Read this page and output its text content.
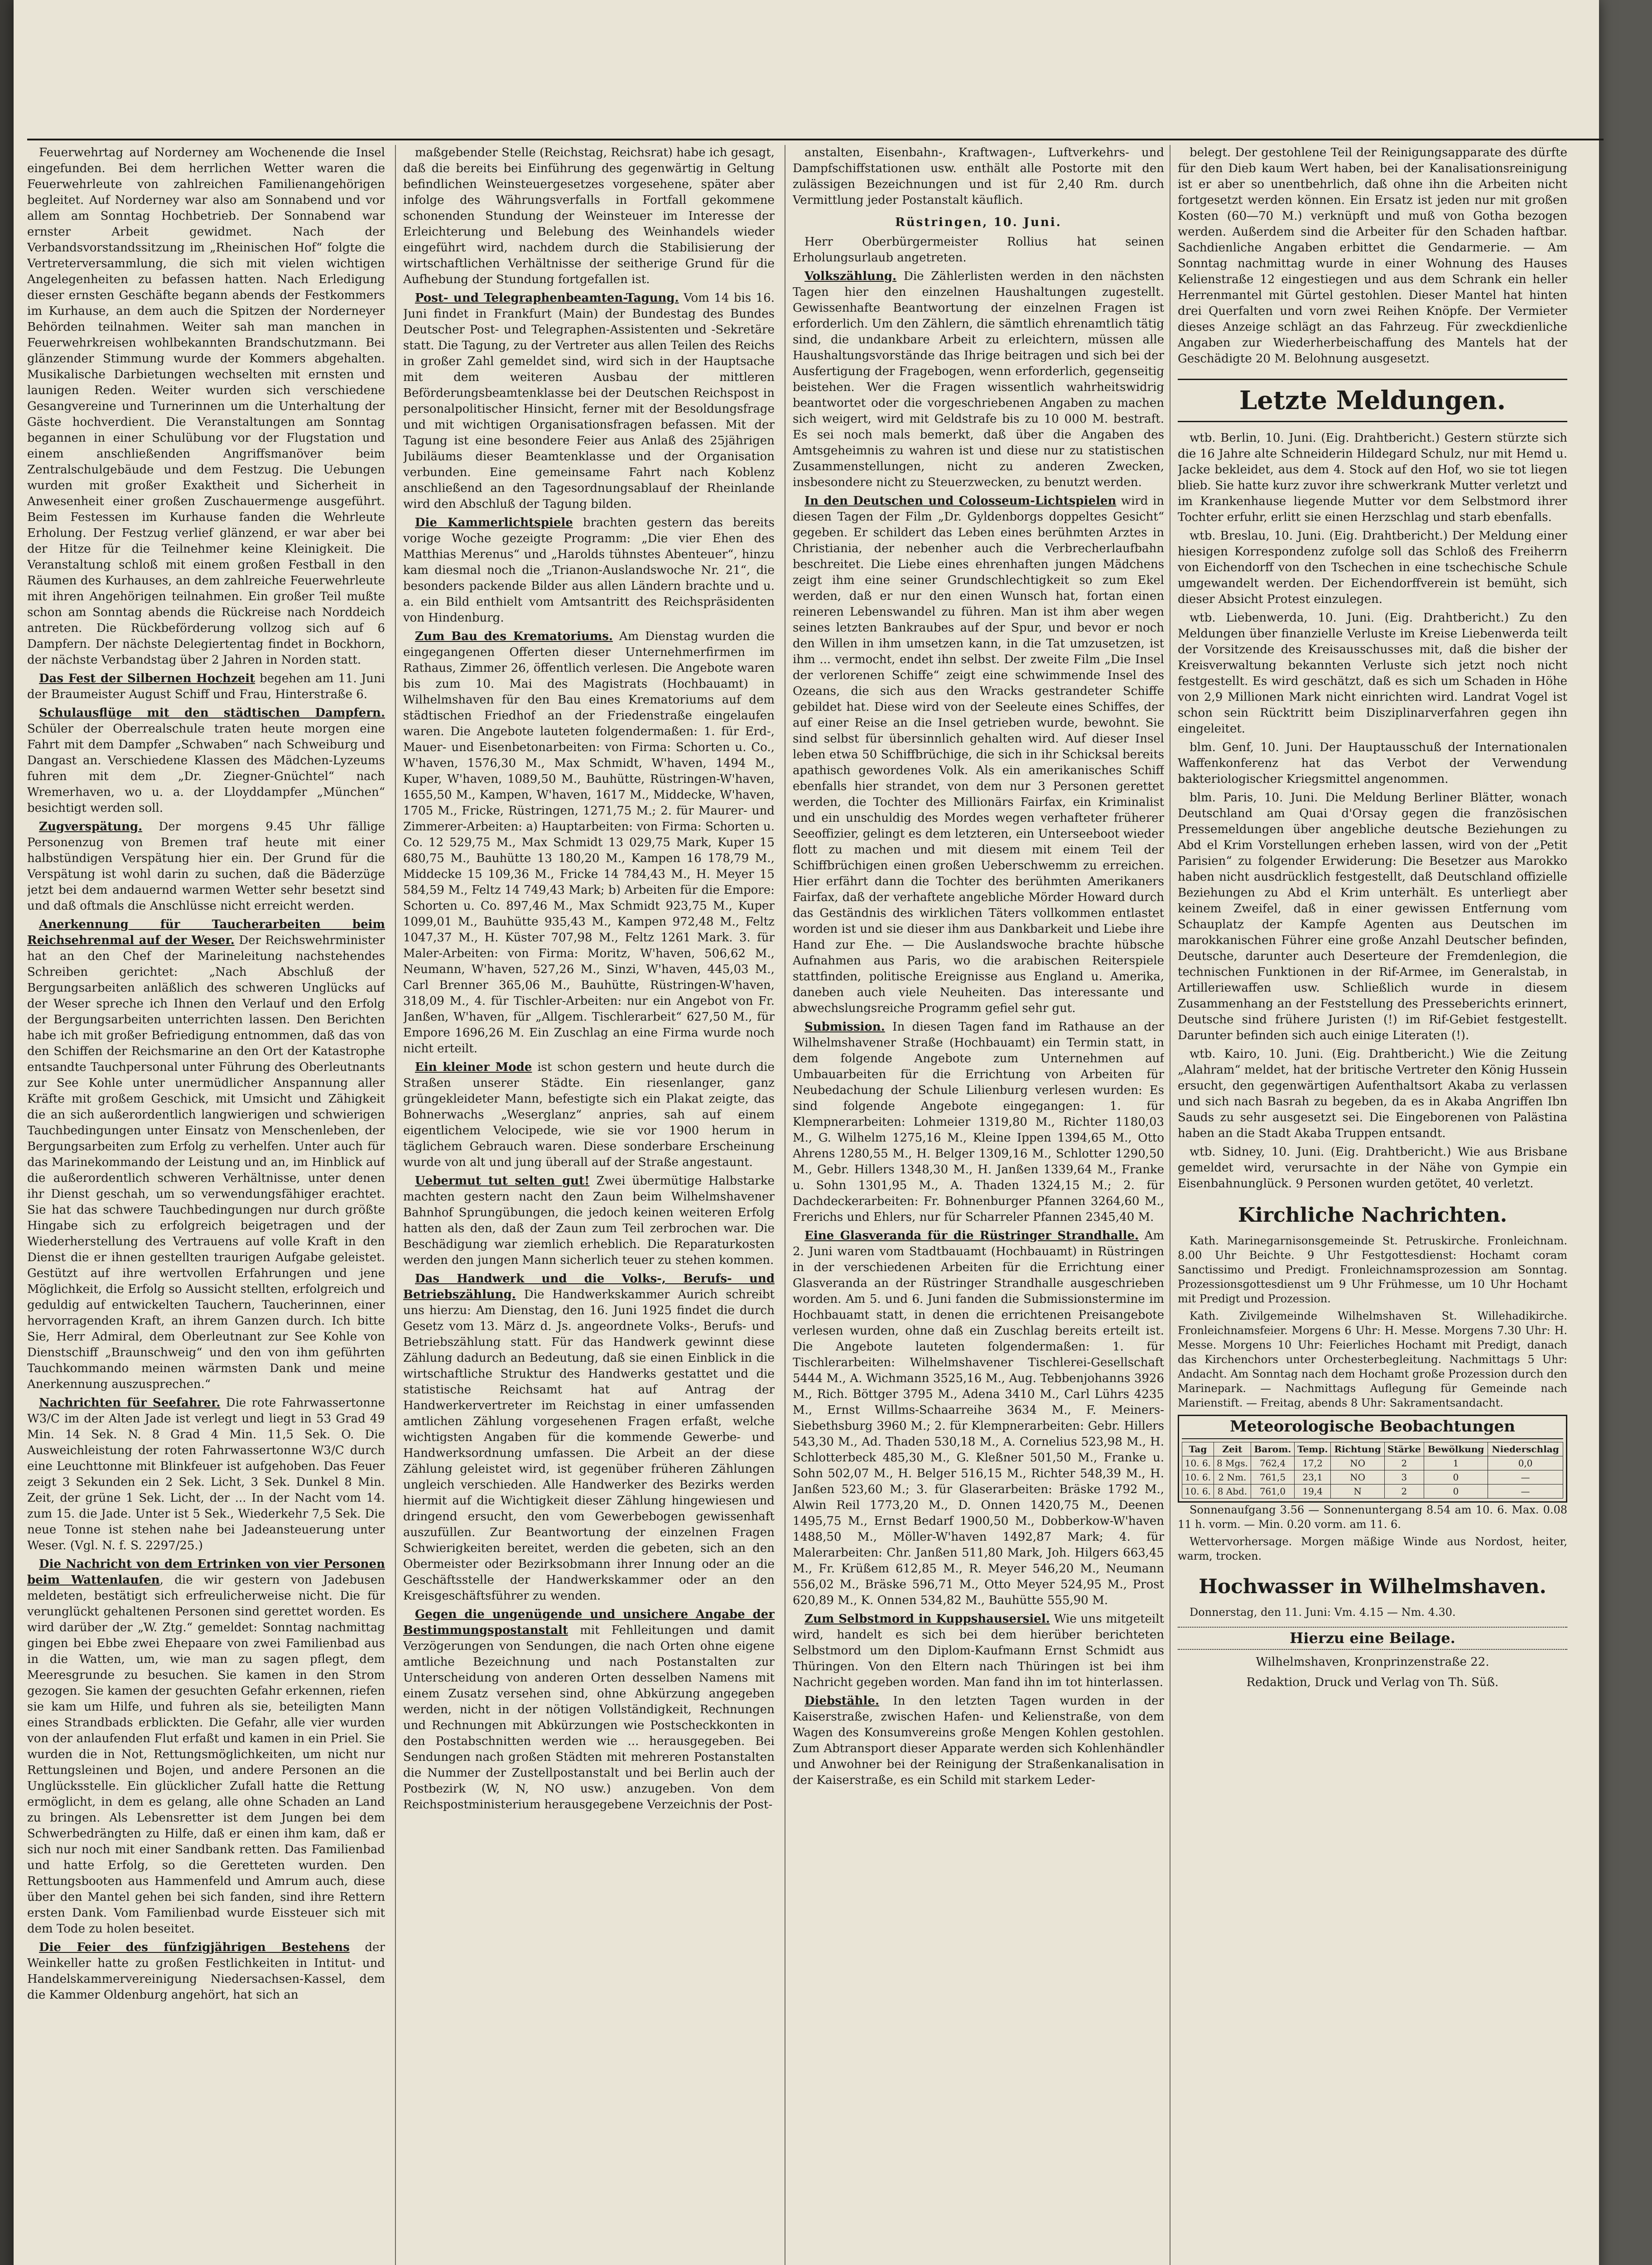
Feuerwehrtag auf Norderney am Wochenende die Insel eingefunden. Bei dem herrlichen Wetter waren die Feuerwehrleute von zahlreichen Familienangehörigen begleitet. Auf Norderney war also am Sonnabend und vor allem am Sonntag Hochbetrieb. Der Sonnabend war ernster Arbeit gewidmet. Nach der Verbandsvorstandssitzung im „Rheinischen Hof“ folgte die Vertreterversammlung, die sich mit vielen wichtigen Angelegenheiten zu befassen hatten. Nach Erledigung dieser ernsten Geschäfte begann abends der Festkommers im Kurhause, an dem auch die Spitzen der Norderneyer Behörden teilnahmen. Weiter sah man manchen in Feuerwehrkreisen wohlbekannten Brandschutzmann. Bei glänzender Stimmung wurde der Kommers abgehalten. Musikalische Darbietungen wechselten mit ernsten und launigen Reden. Weiter wurden sich verschiedene Gesangvereine und Turnerinnen um die Unterhaltung der Gäste hochverdient. Die Veranstaltungen am Sonntag begannen in einer Schulübung vor der Flugstation und einem anschließenden Angriffsmanöver beim Zentralschulgebäude und dem Festzug. Die Uebungen wurden mit großer Exaktheit und Sicherheit in Anwesenheit einer großen Zuschauermenge ausgeführt. Beim Festessen im Kurhause fanden die Wehrleute Erholung. Der Festzug verlief glänzend, er war aber bei der Hitze für die Teilnehmer keine Kleinigkeit. Die Veranstaltung schloß mit einem großen Festball in den Räumen des Kurhauses, an dem zahlreiche Feuerwehrleute mit ihren Angehörigen teilnahmen. Ein großer Teil mußte schon am Sonntag abends die Rückreise nach Norddeich antreten. Die Rückbeförderung vollzog sich auf 6 Dampfern. Der nächste Delegiertentag findet in Bockhorn, der nächste Verbandstag über 2 Jahren in Norden statt.

Das Fest der Silbernen Hochzeit begehen am 11. Juni der Braumeister August Schiff und Frau, Hinterstraße 6.

Schulausflüge mit den städtischen Dampfern. Schüler der Oberrealschule traten heute morgen eine Fahrt mit dem Dampfer „Schwaben“ nach Schweiburg und Dangast an. Verschiedene Klassen des Mädchen-Lyzeums fuhren mit dem „Dr. Ziegner-Gnüchtel“ nach Wremerhaven, wo u. a. der Lloyddampfer „München“ besichtigt werden soll.

Zugverspätung. Der morgens 9.45 Uhr fällige Personenzug von Bremen traf heute mit einer halbstündigen Verspätung hier ein. Der Grund für die Verspätung ist wohl darin zu suchen, daß die Bäderzüge jetzt bei dem andauernd warmen Wetter sehr besetzt sind und daß oftmals die Anschlüsse nicht erreicht werden.

Anerkennung für Taucherarbeiten beim Reichsehrenmal auf der Weser. Der Reichswehrminister hat an den Chef der Marineleitung nachstehendes Schreiben gerichtet: „Nach Abschluß der Bergungsarbeiten anläßlich des schweren Unglücks auf der Weser spreche ich Ihnen den Verlauf und den Erfolg der Bergungsarbeiten unterrichten lassen. Den Berichten habe ich mit großer Befriedigung entnommen, daß das von den Schiffen der Reichsmarine an den Ort der Katastrophe entsandte Tauchpersonal unter Führung des Oberleutnants zur See Kohle unter unermüdlicher Anspannung aller Kräfte mit großem Geschick, mit Umsicht und Zähigkeit die an sich außerordentlich langwierigen und schwierigen Tauchbedingungen unter Einsatz von Menschenleben, der Bergungsarbeiten zum Erfolg zu verhelfen. Unter auch für das Marinekommando der Leistung und an, im Hinblick auf die außerordentlich schweren Verhältnisse, unter denen ihr Dienst geschah, um so verwendungsfähiger erachtet. Sie hat das schwere Tauchbedingungen nur durch größte Hingabe sich zu erfolgreich beigetragen und der Wiederherstellung des Vertrauens auf volle Kraft in den Dienst die er ihnen gestellten traurigen Aufgabe geleistet. Gestützt auf ihre wertvollen Erfahrungen und jene Möglichkeit, die Erfolg so Aussicht stellten, erfolgreich und geduldig auf entwickelten Tauchern, Taucherinnen, einer hervorragenden Kraft, an ihrem Ganzen durch. Ich bitte Sie, Herr Admiral, dem Oberleutnant zur See Kohle von Dienstschiff „Braunschweig“ und den von ihm geführten Tauchkommando meinen wärmsten Dank und meine Anerkennung auszusprechen.“

Nachrichten für Seefahrer. Die rote Fahrwassertonne W3/C im der Alten Jade ist verlegt und liegt in 53 Grad 49 Min. 14 Sek. N. 8 Grad 4 Min. 11,5 Sek. O. Die Ausweichleistung der roten Fahrwassertonne W3/C durch eine Leuchttonne mit Blinkfeuer ist aufgehoben. Das Feuer zeigt 3 Sekunden ein 2 Sek. Licht, 3 Sek. Dunkel 8 Min. Zeit, der grüne 1 Sek. Licht, der ... In der Nacht vom 14. zum 15. die Jade. Unter ist 5 Sek., Wiederkehr 7,5 Sek. Die neue Tonne ist stehen nahe bei Jadeansteuerung unter Weser. (Vgl. N. f. S. 2297/25.)

Die Nachricht von dem Ertrinken von vier Personen beim Wattenlaufen, die wir gestern von Jadebusen meldeten, bestätigt sich erfreulicherweise nicht. Die für verunglückt gehaltenen Personen sind gerettet worden. Es wird darüber der „W. Ztg.“ gemeldet: Sonntag nachmittag gingen bei Ebbe zwei Ehepaare von zwei Familienbad aus in die Watten, um, wie man zu sagen pflegt, dem Meeresgrunde zu besuchen. Sie kamen in den Strom gezogen. Sie kamen der gesuchten Gefahr erkennen, riefen sie kam um Hilfe, und fuhren als sie, beteiligten Mann eines Strandbads erblickten. Die Gefahr, alle vier wurden von der anlaufenden Flut erfaßt und kamen in ein Priel. Sie wurden die in Not, Rettungsmöglichkeiten, um nicht nur Rettungsleinen und Bojen, und andere Personen an die Unglücksstelle. Ein glücklicher Zufall hatte die Rettung ermöglicht, in dem es gelang, alle ohne Schaden an Land zu bringen. Als Lebensretter ist dem Jungen bei dem Schwerbedrängten zu Hilfe, daß er einen ihm kam, daß er sich nur noch mit einer Sandbank retten. Das Familienbad und hatte Erfolg, so die Geretteten wurden. Den Rettungsbooten aus Hammenfeld und Amrum auch, diese über den Mantel gehen bei sich fanden, sind ihre Rettern ersten Dank. Vom Familienbad wurde Eissteuer sich mit dem Tode zu holen beseitet.

Die Feier des fünfzigjährigen Bestehens der Weinkeller hatte zu großen Festlichkeiten in Intitut- und Handelskammervereinigung Niedersachsen-Kassel, dem die Kammer Oldenburg angehört, hat sich an

maßgebender Stelle (Reichstag, Reichsrat) habe ich gesagt, daß die bereits bei Einführung des gegenwärtig in Geltung befindlichen Weinsteuergesetzes vorgesehene, später aber infolge des Währungsverfalls in Fortfall gekommene schonenden Stundung der Weinsteuer im Interesse der Erleichterung und Belebung des Weinhandels wieder eingeführt wird, nachdem durch die Stabilisierung der wirtschaftlichen Verhältnisse der seitherige Grund für die Aufhebung der Stundung fortgefallen ist.

Post- und Telegraphenbeamten-Tagung. Vom 14 bis 16. Juni findet in Frankfurt (Main) der Bundestag des Bundes Deutscher Post- und Telegraphen-Assistenten und -Sekretäre statt. Die Tagung, zu der Vertreter aus allen Teilen des Reichs in großer Zahl gemeldet sind, wird sich in der Hauptsache mit dem weiteren Ausbau der mittleren Beförderungsbeamtenklasse bei der Deutschen Reichspost in personalpolitischer Hinsicht, ferner mit der Besoldungsfrage und mit wichtigen Organisationsfragen befassen. Mit der Tagung ist eine besondere Feier aus Anlaß des 25jährigen Jubiläums dieser Beamtenklasse und der Organisation verbunden. Eine gemeinsame Fahrt nach Koblenz anschließend an den Tagesordnungsablauf der Rheinlande wird den Abschluß der Tagung bilden.

Die Kammerlichtspiele brachten gestern das bereits vorige Woche gezeigte Programm: „Die vier Ehen des Matthias Merenus“ und „Harolds tühnstes Abenteuer“, hinzu kam diesmal noch die „Trianon-Auslandswoche Nr. 21“, die besonders packende Bilder aus allen Ländern brachte und u. a. ein Bild enthielt vom Amtsantritt des Reichspräsidenten von Hindenburg.

Zum Bau des Krematoriums. Am Dienstag wurden die eingegangenen Offerten dieser Unternehmerfirmen im Rathaus, Zimmer 26, öffentlich verlesen. Die Angebote waren bis zum 10. Mai des Magistrats (Hochbauamt) in Wilhelmshaven für den Bau eines Krematoriums auf dem städtischen Friedhof an der Friedenstraße eingelaufen waren. Die Angebote lauteten folgendermaßen: 1. für Erd-, Mauer- und Eisenbetonarbeiten: von Firma: Schorten u. Co., W'haven, 1576,30 M., Max Schmidt, W'haven, 1494 M., Kuper, W'haven, 1089,50 M., Bauhütte, Rüstringen-W'haven, 1655,50 M., Kampen, W'haven, 1617 M., Middecke, W'haven, 1705 M., Fricke, Rüstringen, 1271,75 M.; 2. für Maurer- und Zimmerer-Arbeiten: a) Hauptarbeiten: von Firma: Schorten u. Co. 12 529,75 M., Max Schmidt 13 029,75 Mark, Kuper 15 680,75 M., Bauhütte 13 180,20 M., Kampen 16 178,79 M., Middecke 15 109,36 M., Fricke 14 784,43 M., H. Meyer 15 584,59 M., Feltz 14 749,43 Mark; b) Arbeiten für die Empore: Schorten u. Co. 897,46 M., Max Schmidt 923,75 M., Kuper 1099,01 M., Bauhütte 935,43 M., Kampen 972,48 M., Feltz 1047,37 M., H. Küster 707,98 M., Feltz 1261 Mark. 3. für Maler-Arbeiten: von Firma: Moritz, W'haven, 506,62 M., Neumann, W'haven, 527,26 M., Sinzi, W'haven, 445,03 M., Carl Brenner 365,06 M., Bauhütte, Rüstringen-W'haven, 318,09 M., 4. für Tischler-Arbeiten: nur ein Angebot von Fr. Janßen, W'haven, für „Allgem. Tischlerarbeit“ 627,50 M., für Empore 1696,26 M. Ein Zuschlag an eine Firma wurde noch nicht erteilt.

Ein kleiner Mode ist schon gestern und heute durch die Straßen unserer Städte. Ein riesenlanger, ganz grüngekleideter Mann, befestigte sich ein Plakat zeigte, das Bohnerwachs „Weserglanz“ anpries, sah auf einem eigentlichem Velocipede, wie sie vor 1900 herum in täglichem Gebrauch waren. Diese sonderbare Erscheinung wurde von alt und jung überall auf der Straße angestaunt.

Uebermut tut selten gut! Zwei übermütige Halbstarke machten gestern nacht den Zaun beim Wilhelmshavener Bahnhof Sprungübungen, die jedoch keinen weiteren Erfolg hatten als den, daß der Zaun zum Teil zerbrochen war. Die Beschädigung war ziemlich erheblich. Die Reparaturkosten werden den jungen Mann sicherlich teuer zu stehen kommen.

Das Handwerk und die Volks-, Berufs- und Betriebszählung. Die Handwerkskammer Aurich schreibt uns hierzu: Am Dienstag, den 16. Juni 1925 findet die durch Gesetz vom 13. März d. Js. angeordnete Volks-, Berufs- und Betriebszählung statt. Für das Handwerk gewinnt diese Zählung dadurch an Bedeutung, daß sie einen Einblick in die wirtschaftliche Struktur des Handwerks gestattet und die statistische Reichsamt hat auf Antrag der Handwerkervertreter im Reichstag in einer umfassenden amtlichen Zählung vorgesehenen Fragen erfaßt, welche wichtigsten Angaben für die kommende Gewerbe- und Handwerksordnung umfassen. Die Arbeit an der diese Zählung geleistet wird, ist gegenüber früheren Zählungen ungleich verschieden. Alle Handwerker des Bezirks werden hiermit auf die Wichtigkeit dieser Zählung hingewiesen und dringend ersucht, den vom Gewerbebogen gewissenhaft auszufüllen. Zur Beantwortung der einzelnen Fragen Schwierigkeiten bereitet, werden die gebeten, sich an den Obermeister oder Bezirksobmann ihrer Innung oder an die Geschäftsstelle der Handwerkskammer oder an den Kreisgeschäftsführer zu wenden.

Gegen die ungenügende und unsichere Angabe der Bestimmungspostanstalt mit Fehlleitungen und damit Verzögerungen von Sendungen, die nach Orten ohne eigene amtliche Bezeichnung und nach Postanstalten zur Unterscheidung von anderen Orten desselben Namens mit einem Zusatz versehen sind, ohne Abkürzung angegeben werden, nicht in der nötigen Vollständigkeit, Rechnungen und Rechnungen mit Abkürzungen wie Postscheckkonten in den Postabschnitten werden wie ... herausgegeben. Bei Sendungen nach großen Städten mit mehreren Postanstalten die Nummer der Zustellpostanstalt und bei Berlin auch der Postbezirk (W, N, NO usw.) anzugeben. Von dem Reichspostministerium herausgegebene Verzeichnis der Post-

anstalten, Eisenbahn-, Kraftwagen-, Luftverkehrs- und Dampfschiffstationen usw. enthält alle Postorte mit den zulässigen Bezeichnungen und ist für 2,40 Rm. durch Vermittlung jeder Postanstalt käuflich.

Rüstringen, 10. Juni.

Herr Oberbürgermeister Rollius hat seinen Erholungsurlaub angetreten.

Volkszählung. Die Zählerlisten werden in den nächsten Tagen hier den einzelnen Haushaltungen zugestellt. Gewissenhafte Beantwortung der einzelnen Fragen ist erforderlich. Um den Zählern, die sämtlich ehrenamtlich tätig sind, die undankbare Arbeit zu erleichtern, müssen alle Haushaltungsvorstände das Ihrige beitragen und sich bei der Ausfertigung der Fragebogen, wenn erforderlich, gegenseitig beistehen. Wer die Fragen wissentlich wahrheitswidrig beantwortet oder die vorgeschriebenen Angaben zu machen sich weigert, wird mit Geldstrafe bis zu 10 000 M. bestraft. Es sei noch mals bemerkt, daß über die Angaben des Amtsgeheimnis zu wahren ist und diese nur zu statistischen Zusammenstellungen, nicht zu anderen Zwecken, insbesondere nicht zu Steuerzwecken, zu benutzt werden.

In den Deutschen und Colosseum-Lichtspielen wird in diesen Tagen der Film „Dr. Gyldenborgs doppeltes Gesicht“ gegeben. Er schildert das Leben eines berühmten Arztes in Christiania, der nebenher auch die Verbrecherlaufbahn beschreitet. Die Liebe eines ehrenhaften jungen Mädchens zeigt ihm eine seiner Grundschlechtigkeit so zum Ekel werden, daß er nur den einen Wunsch hat, fortan einen reineren Lebenswandel zu führen. Man ist ihm aber wegen seines letzten Bankraubes auf der Spur, und bevor er noch den Willen in ihm umsetzen kann, in die Tat umzusetzen, ist ihm ... vermocht, endet ihn selbst. Der zweite Film „Die Insel der verlorenen Schiffe“ zeigt eine schwimmende Insel des Ozeans, die sich aus den Wracks gestrandeter Schiffe gebildet hat. Diese wird von der Seeleute eines Schiffes, der auf einer Reise an die Insel getrieben wurde, bewohnt. Sie sind selbst für übersinnlich gehalten wird. Auf dieser Insel leben etwa 50 Schiffbrüchige, die sich in ihr Schicksal bereits apathisch gewordenes Volk. Als ein amerikanisches Schiff ebenfalls hier strandet, von dem nur 3 Personen gerettet werden, die Tochter des Millionärs Fairfax, ein Kriminalist und ein unschuldig des Mordes wegen verhafteter früherer Seeoffizier, gelingt es dem letzteren, ein Unterseeboot wieder flott zu machen und mit diesem mit einem Teil der Schiffbrüchigen einen großen Ueberschwemm zu erreichen. Hier erfährt dann die Tochter des berühmten Amerikaners Fairfax, daß der verhaftete angebliche Mörder Howard durch das Geständnis des wirklichen Täters vollkommen entlastet worden ist und sie dieser ihm aus Dankbarkeit und Liebe ihre Hand zur Ehe. — Die Auslandswoche brachte hübsche Aufnahmen aus Paris, wo die arabischen Reiterspiele stattfinden, politische Ereignisse aus England u. Amerika, daneben auch viele Neuheiten. Das interessante und abwechslungsreiche Programm gefiel sehr gut.

Submission. In diesen Tagen fand im Rathause an der Wilhelmshavener Straße (Hochbauamt) ein Termin statt, in dem folgende Angebote zum Unternehmen auf Umbauarbeiten für die Errichtung von Arbeiten für Neubedachung der Schule Lilienburg verlesen wurden: Es sind folgende Angebote eingegangen: 1. für Klempnerarbeiten: Lohmeier 1319,80 M., Richter 1180,03 M., G. Wilhelm 1275,16 M., Kleine Ippen 1394,65 M., Otto Ahrens 1280,55 M., H. Belger 1309,16 M., Schlotter 1290,50 M., Gebr. Hillers 1348,30 M., H. Janßen 1339,64 M., Franke u. Sohn 1301,95 M., A. Thaden 1324,15 M.; 2. für Dachdeckerarbeiten: Fr. Bohnenburger Pfannen 3264,60 M., Frerichs und Ehlers, nur für Scharreler Pfannen 2345,40 M.

Eine Glasveranda für die Rüstringer Strandhalle. Am 2. Juni waren vom Stadtbauamt (Hochbauamt) in Rüstringen in der verschiedenen Arbeiten für die Errichtung einer Glasveranda an der Rüstringer Strandhalle ausgeschrieben worden. Am 5. und 6. Juni fanden die Submissionstermine im Hochbauamt statt, in denen die errichtenen Preisangebote verlesen wurden, ohne daß ein Zuschlag bereits erteilt ist. Die Angebote lauteten folgendermaßen: 1. für Tischlerarbeiten: Wilhelmshavener Tischlerei-Gesellschaft 5444 M., A. Wichmann 3525,16 M., Aug. Tebbenjohanns 3926 M., Rich. Böttger 3795 M., Adena 3410 M., Carl Lührs 4235 M., Ernst Willms-Schaarreihe 3634 M., F. Meiners-Siebethsburg 3960 M.; 2. für Klempnerarbeiten: Gebr. Hillers 543,30 M., Ad. Thaden 530,18 M., A. Cornelius 523,98 M., H. Schlotterbeck 485,30 M., G. Kleßner 501,50 M., Franke u. Sohn 502,07 M., H. Belger 516,15 M., Richter 548,39 M., H. Janßen 523,60 M.; 3. für Glaserarbeiten: Bräske 1792 M., Alwin Reil 1773,20 M., D. Onnen 1420,75 M., Deenen 1495,75 M., Ernst Bedarf 1900,50 M., Dobberkow-W'haven 1488,50 M., Möller-W'haven 1492,87 Mark; 4. für Malerarbeiten: Chr. Janßen 511,80 Mark, Joh. Hilgers 663,45 M., Fr. Krüßem 612,85 M., R. Meyer 546,20 M., Neumann 556,02 M., Bräske 596,71 M., Otto Meyer 524,95 M., Prost 620,89 M., K. Onnen 534,82 M., Bauhütte 555,90 M.

Zum Selbstmord in Kuppshausersiel. Wie uns mitgeteilt wird, handelt es sich bei dem hierüber berichteten Selbstmord um den Diplom-Kaufmann Ernst Schmidt aus Thüringen. Von den Eltern nach Thüringen ist bei ihm Nachricht gegeben worden. Man fand ihn im tot hinterlassen.

Diebstähle. In den letzten Tagen wurden in der Kaiserstraße, zwischen Hafen- und Kelienstraße, von dem Wagen des Konsumvereins große Mengen Kohlen gestohlen. Zum Abtransport dieser Apparate werden sich Kohlenhändler und Anwohner bei der Reinigung der Straßenkanalisation in der Kaiserstraße, es ein Schild mit starkem Leder-

belegt. Der gestohlene Teil der Reinigungsapparate des dürfte für den Dieb kaum Wert haben, bei der Kanalisationsreinigung ist er aber so unentbehrlich, daß ohne ihn die Arbeiten nicht fortgesetzt werden können. Ein Ersatz ist jeden nur mit großen Kosten (60—70 M.) verknüpft und muß von Gotha bezogen werden. Außerdem sind die Arbeiter für den Schaden haftbar. Sachdienliche Angaben erbittet die Gendarmerie. — Am Sonntag nachmittag wurde in einer Wohnung des Hauses Kelienstraße 12 eingestiegen und aus dem Schrank ein heller Herrenmantel mit Gürtel gestohlen. Dieser Mantel hat hinten drei Querfalten und vorn zwei Reihen Knöpfe. Der Vermieter dieses Anzeige schlägt an das Fahrzeug. Für zweckdienliche Angaben zur Wiederherbeischaffung des Mantels hat der Geschädigte 20 M. Belohnung ausgesetzt.

Letzte Meldungen.

wtb. Berlin, 10. Juni. (Eig. Drahtbericht.) Gestern stürzte sich die 16 Jahre alte Schneiderin Hildegard Schulz, nur mit Hemd u. Jacke bekleidet, aus dem 4. Stock auf den Hof, wo sie tot liegen blieb. Sie hatte kurz zuvor ihre schwerkrank Mutter verletzt und im Krankenhause liegende Mutter vor dem Selbstmord ihrer Tochter erfuhr, erlitt sie einen Herzschlag und starb ebenfalls.

wtb. Breslau, 10. Juni. (Eig. Drahtbericht.) Der Meldung einer hiesigen Korrespondenz zufolge soll das Schloß des Freiherrn von Eichendorff von den Tschechen in eine tschechische Schule umgewandelt werden. Der Eichendorffverein ist bemüht, sich dieser Absicht Protest einzulegen.

wtb. Liebenwerda, 10. Juni. (Eig. Drahtbericht.) Zu den Meldungen über finanzielle Verluste im Kreise Liebenwerda teilt der Vorsitzende des Kreisausschusses mit, daß die bisher der Kreisverwaltung bekannten Verluste sich jetzt noch nicht festgestellt. Es wird geschätzt, daß es sich um Schaden in Höhe von 2,9 Millionen Mark nicht einrichten wird. Landrat Vogel ist schon sein Rücktritt beim Disziplinarverfahren gegen ihn eingeleitet.

blm. Genf, 10. Juni. Der Hauptausschuß der Internationalen Waffenkonferenz hat das Verbot der Verwendung bakteriologischer Kriegsmittel angenommen.

blm. Paris, 10. Juni. Die Meldung Berliner Blätter, wonach Deutschland am Quai d'Orsay gegen die französischen Pressemeldungen über angebliche deutsche Beziehungen zu Abd el Krim Vorstellungen erheben lassen, wird von der „Petit Parisien“ zu folgender Erwiderung: Die Besetzer aus Marokko haben nicht ausdrücklich festgestellt, daß Deutschland offizielle Beziehungen zu Abd el Krim unterhält. Es unterliegt aber keinem Zweifel, daß in einer gewissen Entfernung vom Schauplatz der Kampfe Agenten aus Deutschen im marokkanischen Führer eine große Anzahl Deutscher befinden, Deutsche, darunter auch Deserteure der Fremdenlegion, die technischen Funktionen in der Rif-Armee, im Generalstab, in Artilleriewaffen usw. Schließlich wurde in diesem Zusammenhang an der Feststellung des Presseberichts erinnert, Deutsche sind frühere Juristen (!) im Rif-Gebiet festgestellt. Darunter befinden sich auch einige Literaten (!).

wtb. Kairo, 10. Juni. (Eig. Drahtbericht.) Wie die Zeitung „Alahram“ meldet, hat der britische Vertreter den König Hussein ersucht, den gegenwärtigen Aufenthaltsort Akaba zu verlassen und sich nach Basrah zu begeben, da es in Akaba Angriffen Ibn Sauds zu sehr ausgesetzt sei. Die Eingeborenen von Palästina haben an die Stadt Akaba Truppen entsandt.

wtb. Sidney, 10. Juni. (Eig. Drahtbericht.) Wie aus Brisbane gemeldet wird, verursachte in der Nähe von Gympie ein Eisenbahnunglück. 9 Personen wurden getötet, 40 verletzt.

Kirchliche Nachrichten.

Kath. Marinegarnisonsgemeinde St. Petruskirche. Fronleichnam. 8.00 Uhr Beichte. 9 Uhr Festgottesdienst: Hochamt coram Sanctissimo und Predigt. Fronleichnamsprozession am Sonntag. Prozessionsgottesdienst um 9 Uhr Frühmesse, um 10 Uhr Hochamt mit Predigt und Prozession.

Kath. Zivilgemeinde Wilhelmshaven St. Willehadikirche. Fronleichnamsfeier. Morgens 6 Uhr: H. Messe. Morgens 7.30 Uhr: H. Messe. Morgens 10 Uhr: Feierliches Hochamt mit Predigt, danach das Kirchenchors unter Orchesterbegleitung. Nachmittags 5 Uhr: Andacht. Am Sonntag nach dem Hochamt große Prozession durch den Marinepark. — Nachmittags Auflegung für Gemeinde nach Marienstift. — Freitag, abends 8 Uhr: Sakramentsandacht.

Meteorologische Beobachtungen
Tag	Zeit	Barom.	Temp.	Richtung	Stärke	Bewölkung	Niederschlag
10. 6.	8 Mgs.	762,4	17,2	NO	2	1	0,0
10. 6.	2 Nm.	761,5	23,1	NO	3	0	—
10. 6.	8 Abd.	761,0	19,4	N	2	0	—

Sonnenaufgang 3.56 — Sonnenuntergang 8.54 am 10. 6. Max. 0.08 11 h. vorm. — Min. 0.20 vorm. am 11. 6.

Wettervorhersage. Morgen mäßige Winde aus Nordost, heiter, warm, trocken.

Hochwasser in Wilhelmshaven.

Donnerstag, den 11. Juni: Vm. 4.15 — Nm. 4.30.

Hierzu eine Beilage.
Wilhelmshaven, Kronprinzenstraße 22.
Redaktion, Druck und Verlag von Th. Süß.
